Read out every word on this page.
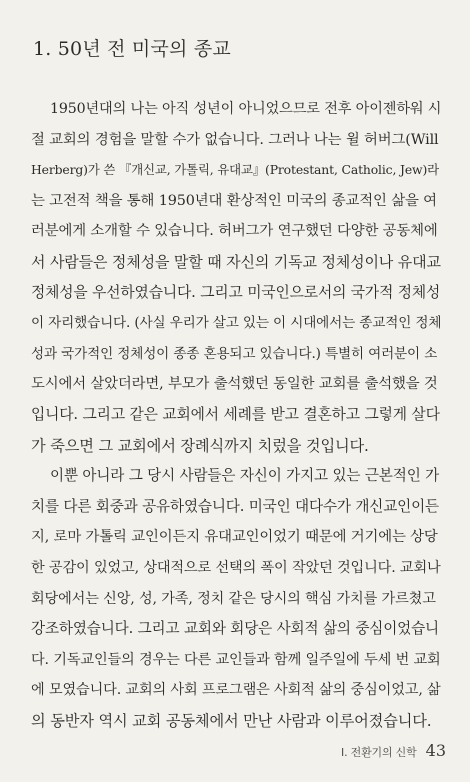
1. 50년 전 미국의 종교
1950년대의 나는 아직 성년이 아니었으므로 전후 아이젠하워 시
절 교회의 경험을 말할 수가 없습니다. 그러나 나는 윌 허버그(Will
Herberg)가 쓴 『개신교, 가톨릭, 유대교』(Protestant, Catholic, Jew)라
는 고전적 책을 통해 1950년대 환상적인 미국의 종교적인 삶을 여
러분에게 소개할 수 있습니다. 허버그가 연구했던 다양한 공동체에
서 사람들은 정체성을 말할 때 자신의 기독교 정체성이나 유대교
정체성을 우선하였습니다. 그리고 미국인으로서의 국가적 정체성
이 자리했습니다. (사실 우리가 살고 있는 이 시대에서는 종교적인 정체
성과 국가적인 정체성이 종종 혼용되고 있습니다.) 특별히 여러분이 소
도시에서 살았더라면, 부모가 출석했던 동일한 교회를 출석했을 것
입니다. 그리고 같은 교회에서 세례를 받고 결혼하고 그렇게 살다
가 죽으면 그 교회에서 장례식까지 치렀을 것입니다.
이뿐 아니라 그 당시 사람들은 자신이 가지고 있는 근본적인 가
치를 다른 회중과 공유하였습니다. 미국인 대다수가 개신교인이든
지, 로마 가톨릭 교인이든지 유대교인이었기 때문에 거기에는 상당
한 공감이 있었고, 상대적으로 선택의 폭이 작았던 것입니다. 교회나
회당에서는 신앙, 성, 가족, 정치 같은 당시의 핵심 가치를 가르쳤고
강조하였습니다. 그리고 교회와 회당은 사회적 삶의 중심이었습니
다. 기독교인들의 경우는 다른 교인들과 함께 일주일에 두세 번 교회
에 모였습니다. 교회의 사회 프로그램은 사회적 삶의 중심이었고, 삶
의 동반자 역시 교회 공동체에서 만난 사람과 이루어졌습니다.
Ⅰ. 전환기의 신학 43
